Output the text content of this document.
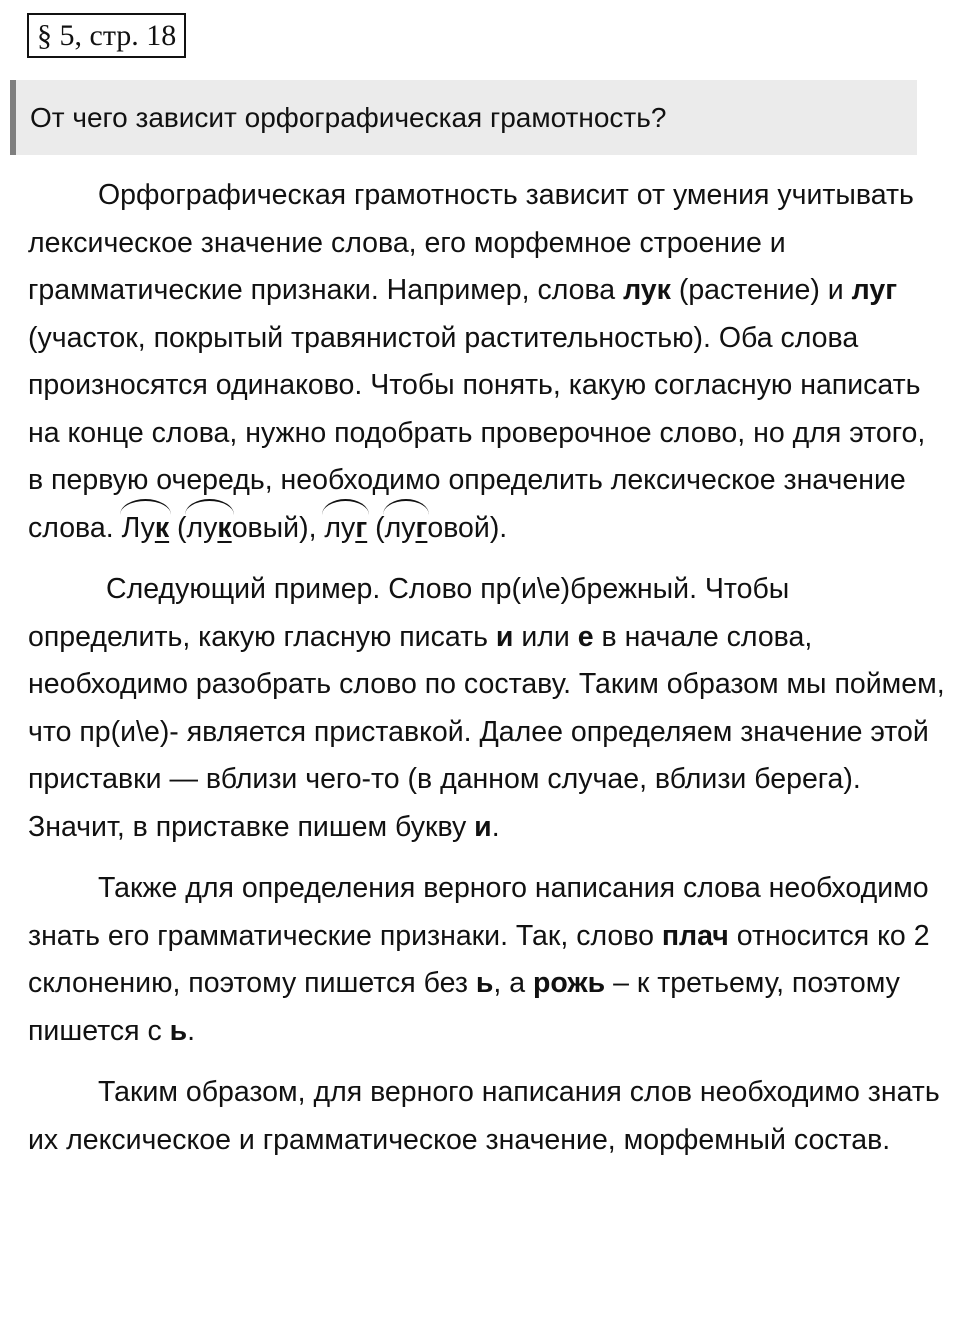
§ 5, стр. 18
От чего зависит орфографическая грамотность?

Орфографическая грамотность зависит от умения учитывать лексическое значение слова, его морфемное строение и грамматические признаки. Например, слова лук (растение) и луг (участок, покрытый травянистой растительностью). Оба слова произносятся одинаково. Чтобы понять, какую согласную написать на конце слова, нужно подобрать проверочное слово, но для этого, в первую очередь, необходимо определить лексическое значение слова. Лук (луковый), луг (луговой).

Следующий пример. Слово пр(и\е)брежный. Чтобы определить, какую гласную писать и или е в начале слова, необходимо разобрать слово по составу. Таким образом мы поймем, что пр(и\е)- является приставкой. Далее определяем значение этой приставки — вблизи чего-то (в данном случае, вблизи берега). Значит, в приставке пишем букву и.

Также для определения верного написания слова необходимо знать его грамматические признаки. Так, слово плач относится ко 2 склонению, поэтому пишется без ь, а рожь – к третьему, поэтому пишется с ь.

Таким образом, для верного написания слов необходимо знать их лексическое и грамматическое значение, морфемный состав.
